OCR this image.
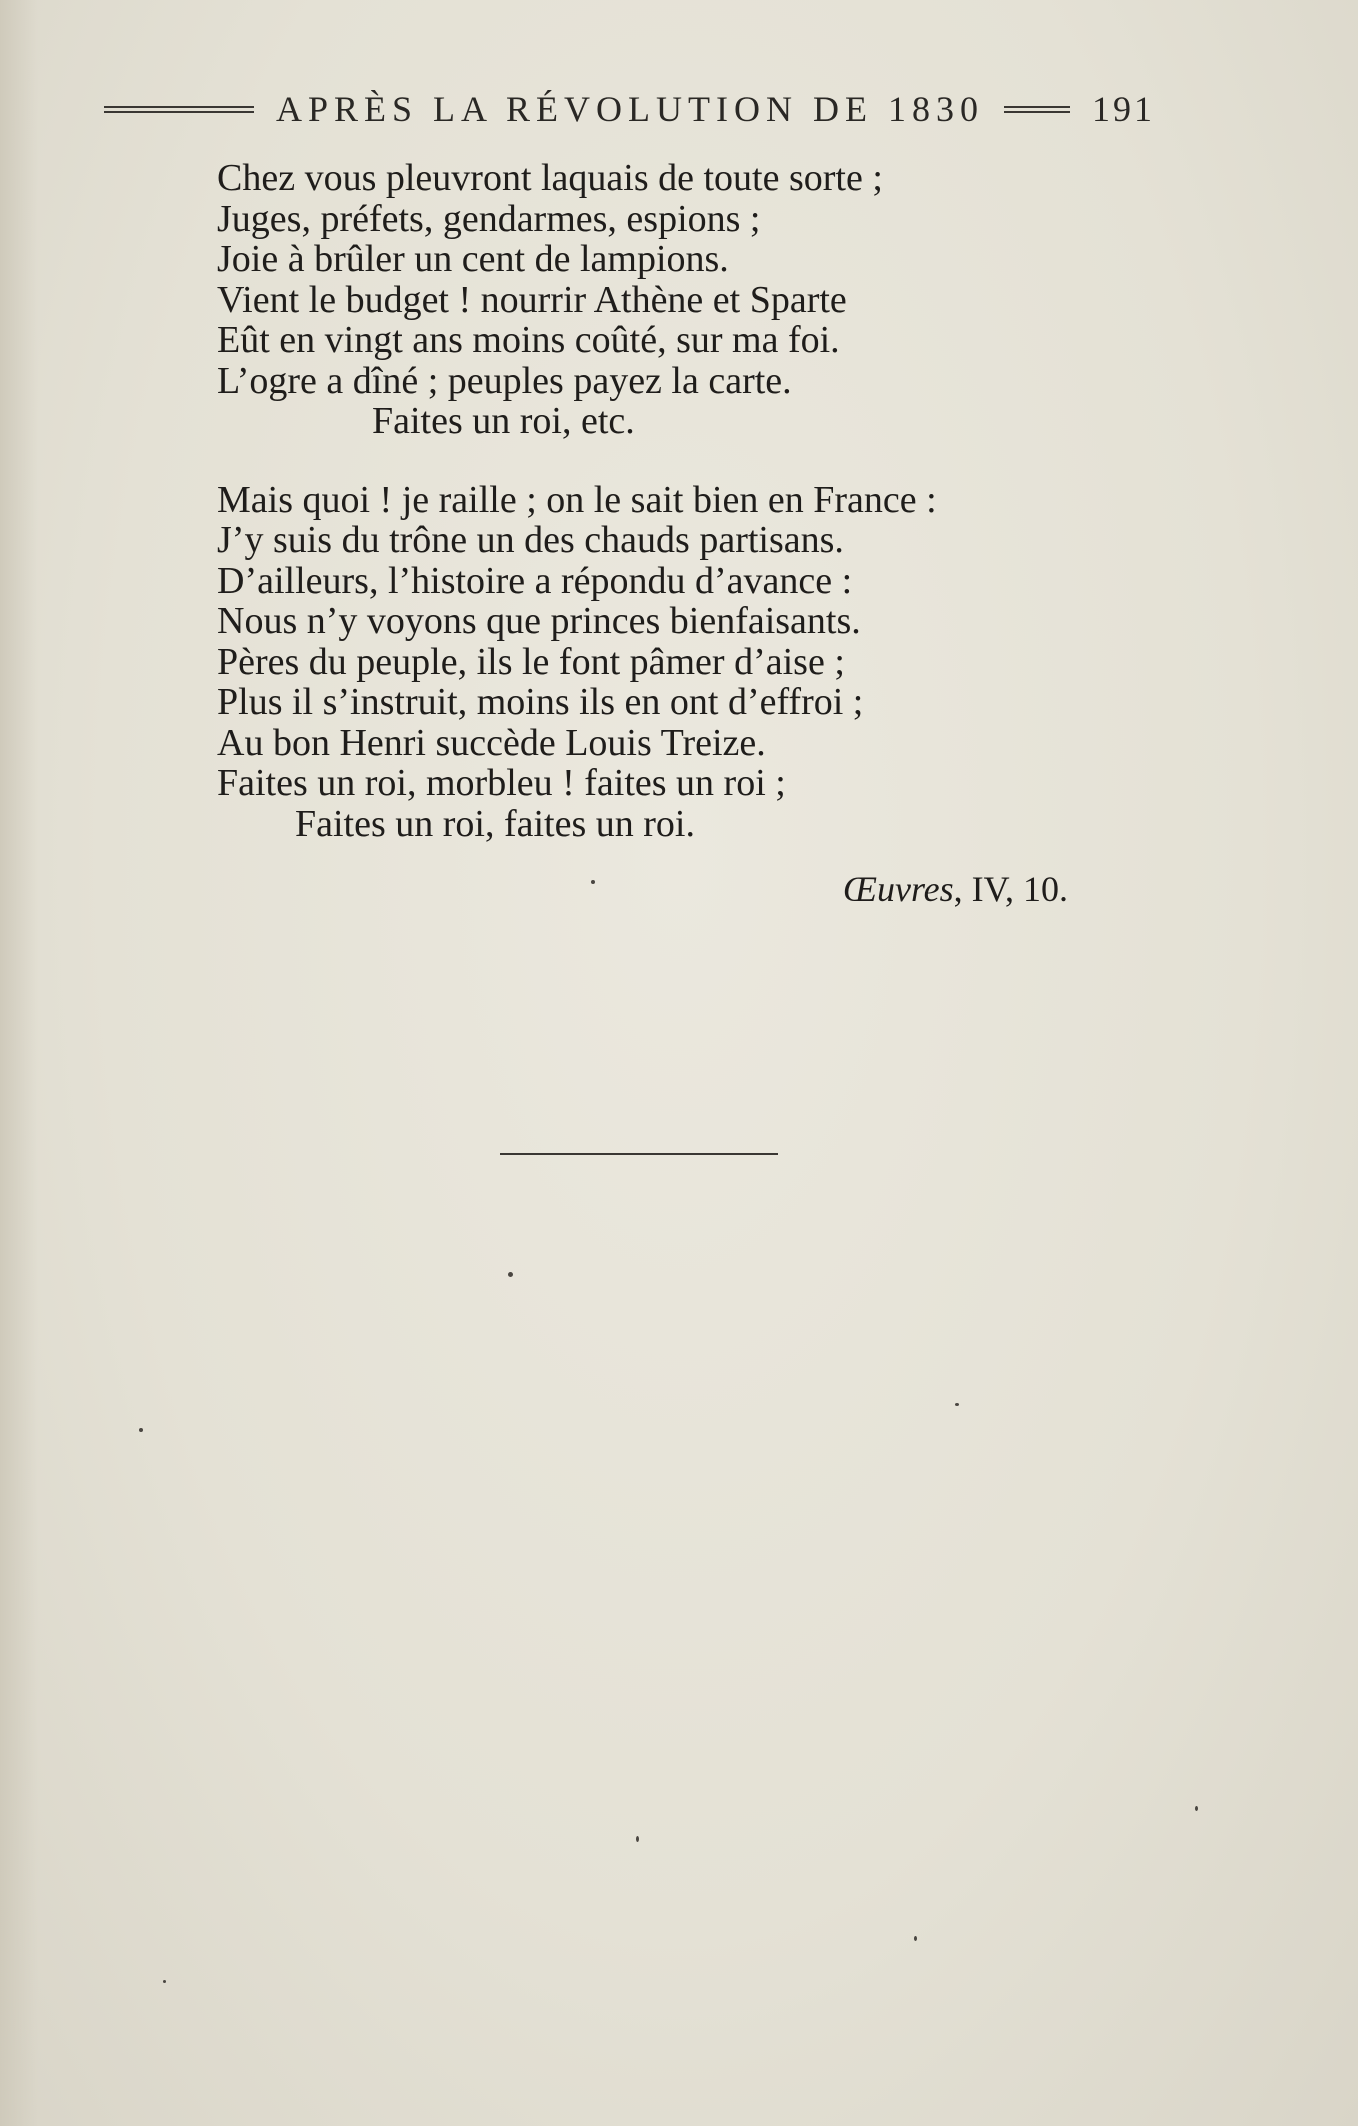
APRÈS LA RÉVOLUTION DE 1830	191
Chez vous pleuvront laquais de toute sorte ;
Juges, préfets, gendarmes, espions ;
Joie à brûler un cent de lampions.
Vient le budget ! nourrir Athène et Sparte
Eût en vingt ans moins coûté, sur ma foi.
L’ogre a dîné ; peuples payez la carte.
Faites un roi, etc.
Mais quoi ! je raille ; on le sait bien en France :
J’y suis du trône un des chauds partisans.
D’ailleurs, l’histoire a répondu d’avance :
Nous n’y voyons que princes bienfaisants.
Pères du peuple, ils le font pâmer d’aise ;
Plus il s’instruit, moins ils en ont d’effroi ;
Au bon Henri succède Louis Treize.
Faites un roi, morbleu ! faites un roi ;
Faites un roi, faites un roi.
Œuvres, IV, 10.
